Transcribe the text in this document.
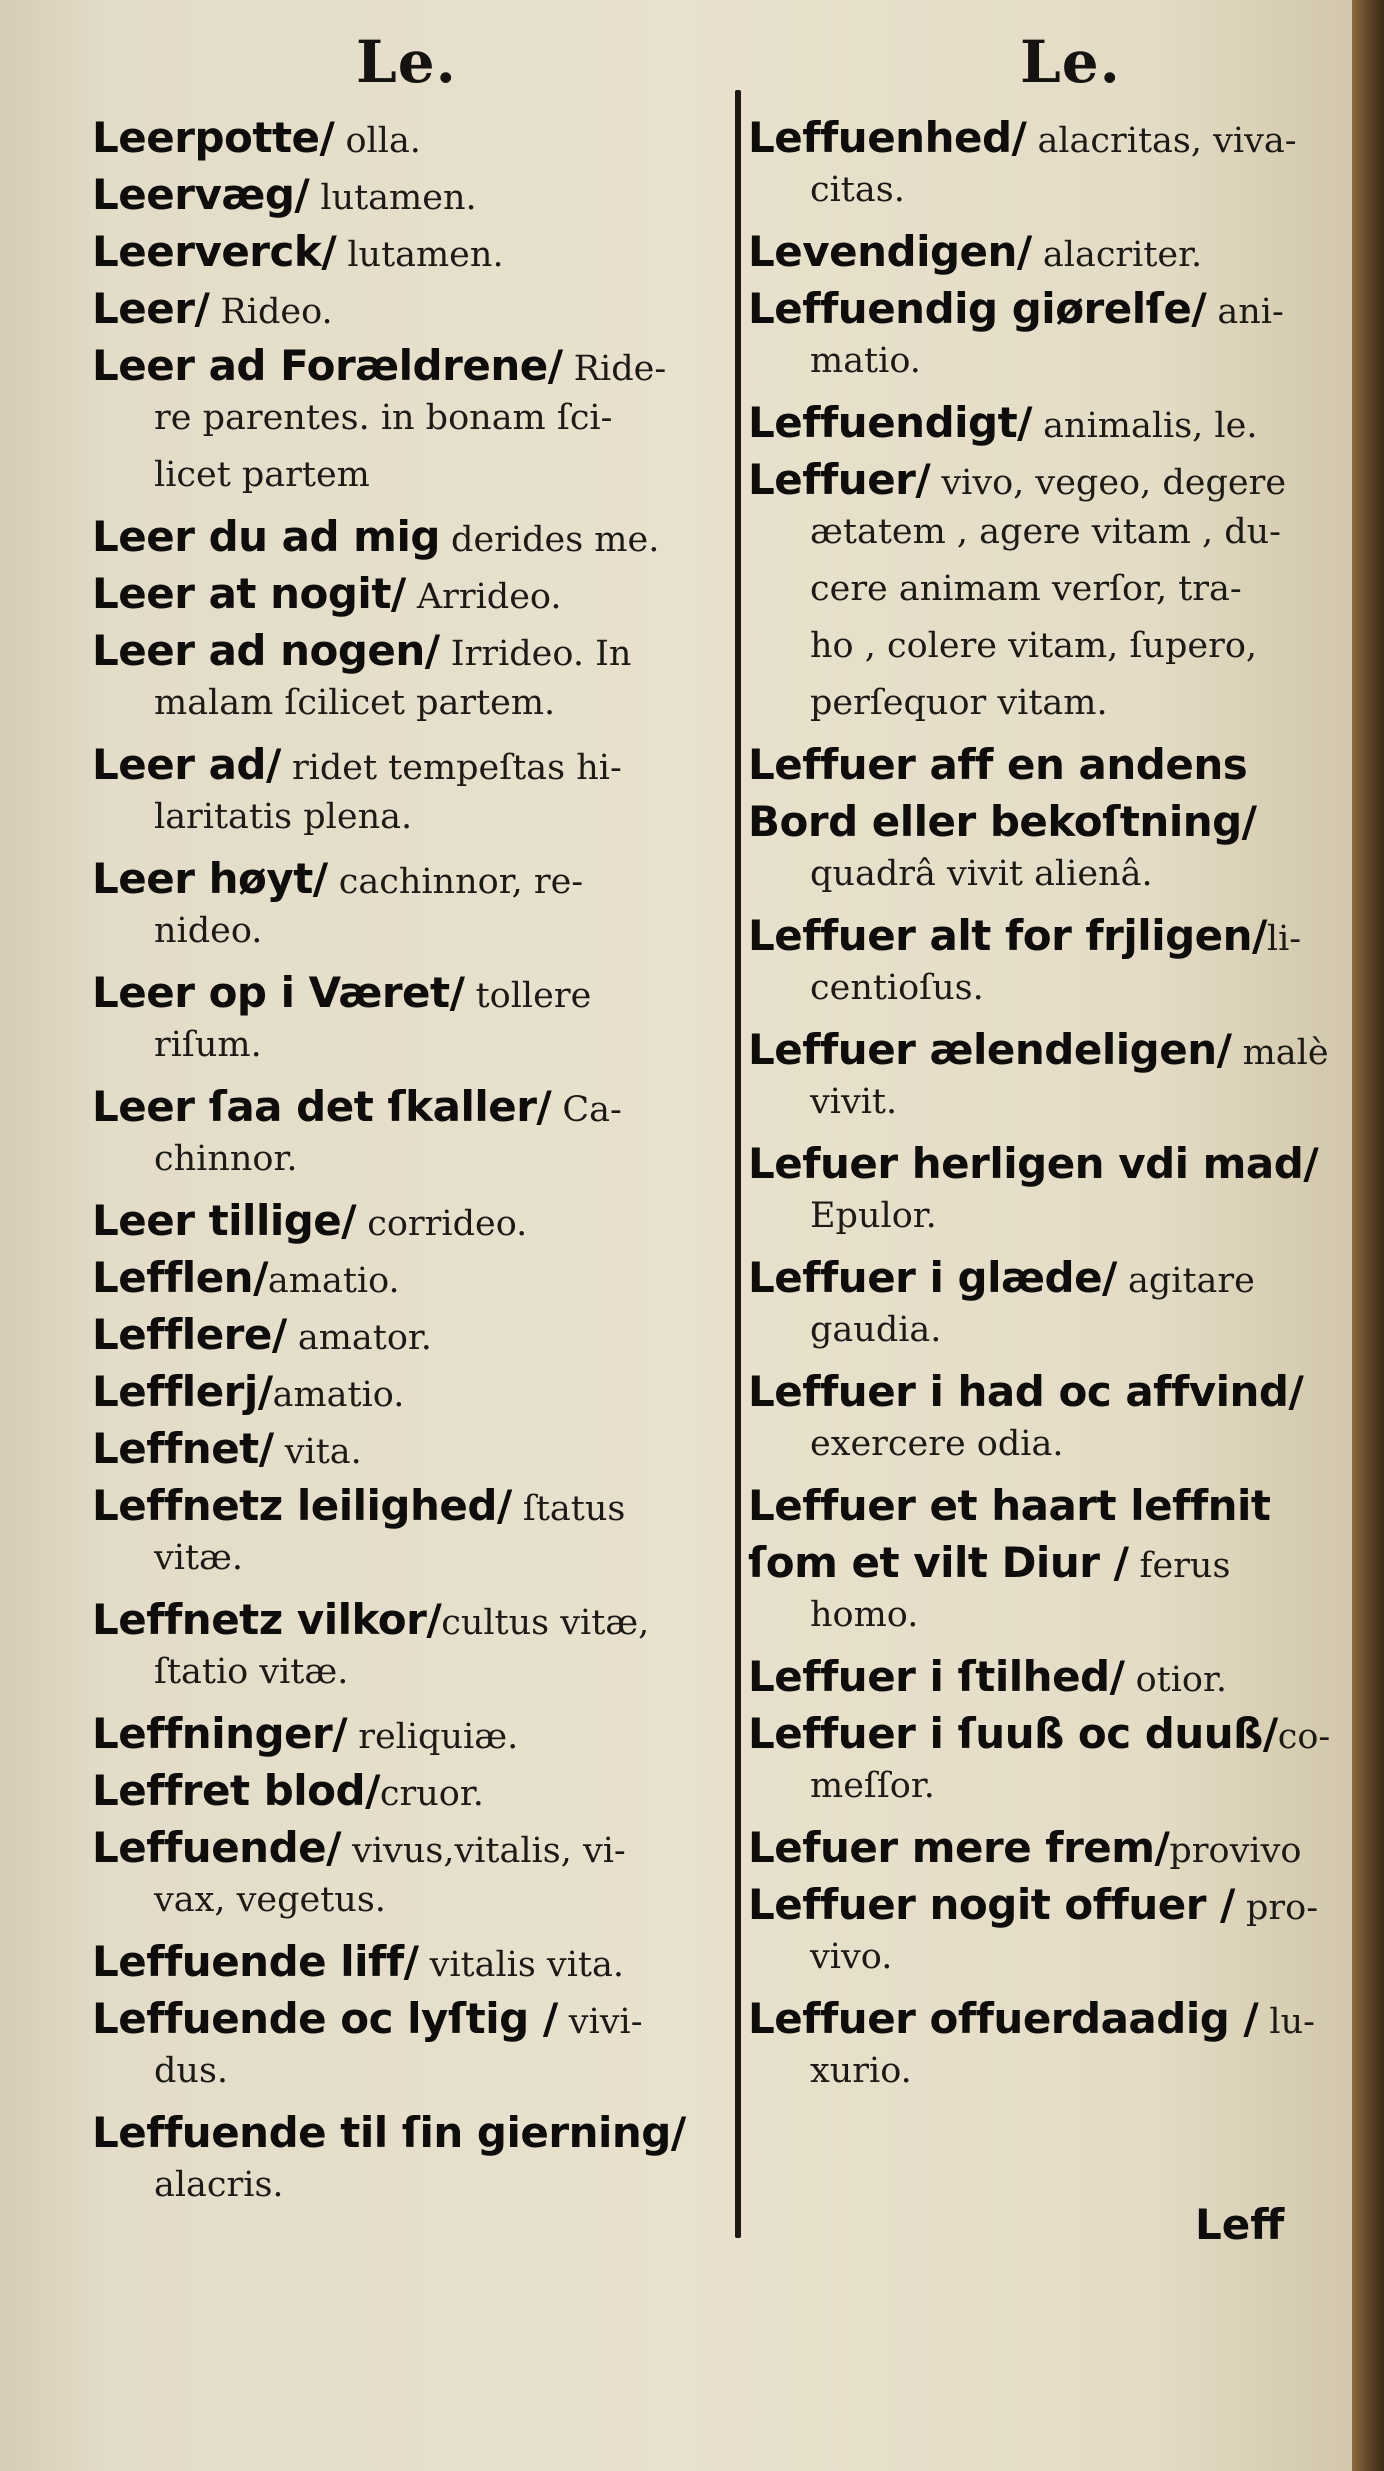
Le.	Le.
Leerpotte/ olla.
Leervæg/ lutamen.
Leerverck/ lutamen.
Leer/ Rideo.
Leer ad Forældrene/ Ride-
re parentes. in bonam ſci-
licet partem
Leer du ad mig derides me.
Leer at nogit/ Arrideo.
Leer ad nogen/ Irrideo. In
malam ſcilicet partem.
Leer ad/ ridet tempeſtas hi-
laritatis plena.
Leer høyt/ cachinnor, re-
nideo.
Leer op i Været/ tollere
riſum.
Leer ſaa det ſkaller/ Ca-
chinnor.
Leer tillige/ corrideo.
Lefflen/amatio.
Lefflere/ amator.
Lefflerj/amatio.
Leffnet/ vita.
Leffnetz leilighed/ ſtatus
vitæ.
Leffnetz vilkor/cultus vitæ,
ſtatio vitæ.
Leffninger/ reliquiæ.
Leffret blod/cruor.
Leffuende/ vivus,vitalis, vi-
vax, vegetus.
Leffuende liff/ vitalis vita.
Leffuende oc lyſtig / vivi-
dus.
Leffuende til ſin gierning/
alacris.
Leffuenhed/ alacritas, viva-
citas.
Levendigen/ alacriter.
Leffuendig giørelſe/ ani-
matio.
Leffuendigt/ animalis, le.
Leffuer/ vivo, vegeo, degere
ætatem , agere vitam , du-
cere animam verſor, tra-
ho , colere vitam, ſupero,
perſequor vitam.
Leffuer aff en andens
Bord eller bekoſtning/
quadrâ vivit alienâ.
Leffuer alt for frjligen/li-
centioſus.
Leffuer ælendeligen/ malè
vivit.
Lefuer herligen vdi mad/
Epulor.
Leffuer i glæde/ agitare
gaudia.
Leffuer i had oc affvind/
exercere odia.
Leffuer et haart leffnit
ſom et vilt Diur / ferus
homo.
Leffuer i ſtilhed/ otior.
Leffuer i ſuuß oc duuß/co-
meſſor.
Lefuer mere frem/provivo
Leffuer nogit offuer / pro-
vivo.
Leffuer offuerdaadig / lu-
xurio.
Leff
